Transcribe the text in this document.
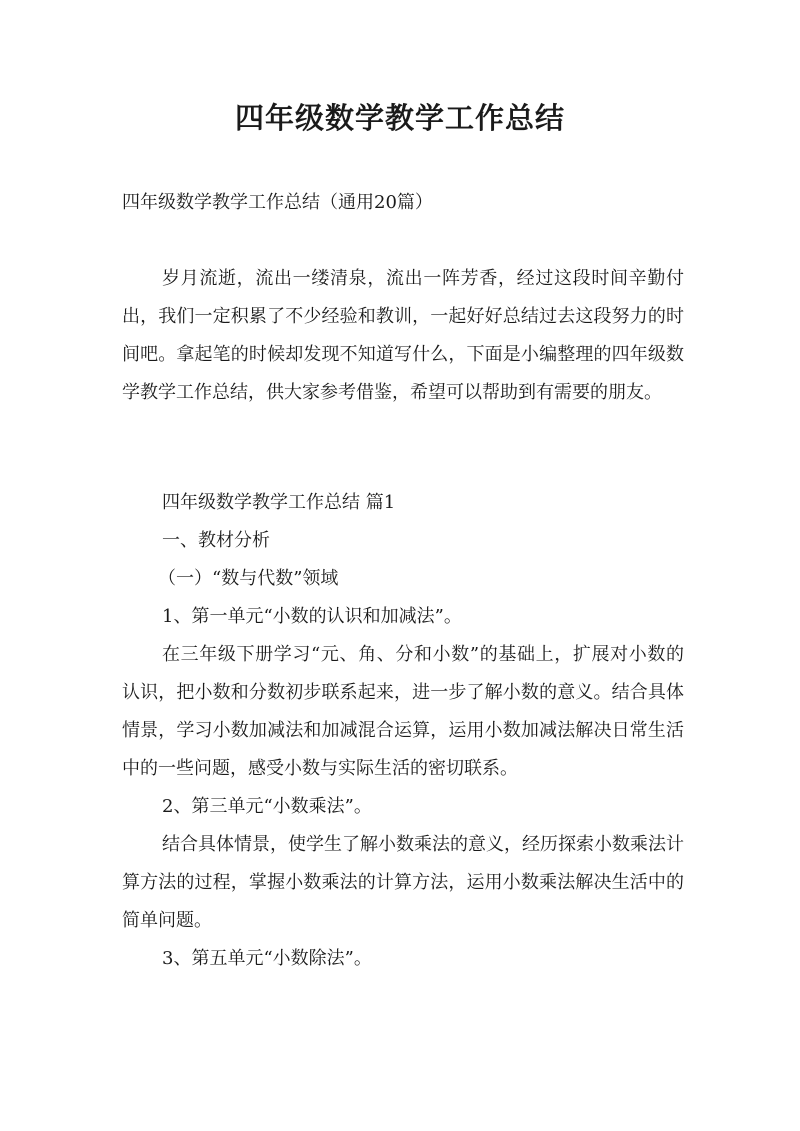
四年级数学教学工作总结

四年级数学教学工作总结（通用20篇）

岁月流逝，流出一缕清泉，流出一阵芳香，经过这段时间辛勤付出，我们一定积累了不少经验和教训，一起好好总结过去这段努力的时间吧。拿起笔的时候却发现不知道写什么，下面是小编整理的四年级数学教学工作总结，供大家参考借鉴，希望可以帮助到有需要的朋友。

四年级数学教学工作总结 篇1

一、教材分析

（一）“数与代数”领域

1、第一单元“小数的认识和加减法”。

在三年级下册学习“元、角、分和小数”的基础上，扩展对小数的认识，把小数和分数初步联系起来，进一步了解小数的意义。结合具体情景，学习小数加减法和加减混合运算，运用小数加减法解决日常生活中的一些问题，感受小数与实际生活的密切联系。

2、第三单元“小数乘法”。

结合具体情景，使学生了解小数乘法的意义，经历探索小数乘法计算方法的过程，掌握小数乘法的计算方法，运用小数乘法解决生活中的简单问题。

3、第五单元“小数除法”。
